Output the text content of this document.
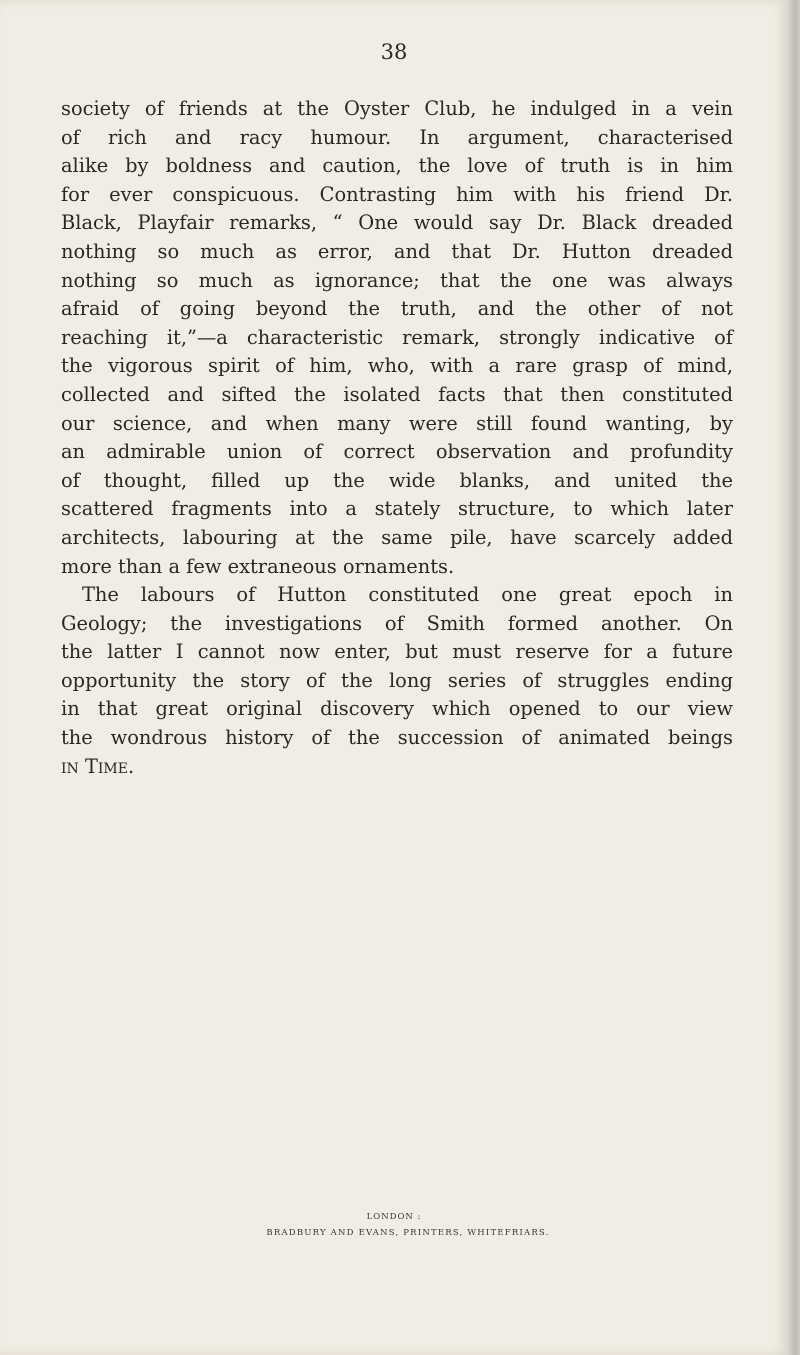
38

society of friends at the Oyster Club, he indulged in a vein
of rich and racy humour. In argument, characterised
alike by boldness and caution, the love of truth is in him
for ever conspicuous. Contrasting him with his friend Dr.
Black, Playfair remarks, “ One would say Dr. Black dreaded
nothing so much as error, and that Dr. Hutton dreaded
nothing so much as ignorance; that the one was always
afraid of going beyond the truth, and the other of not
reaching it,”—a characteristic remark, strongly indicative of
the vigorous spirit of him, who, with a rare grasp of mind,
collected and sifted the isolated facts that then constituted
our science, and when many were still found wanting, by
an admirable union of correct observation and profundity
of thought, filled up the wide blanks, and united the
scattered fragments into a stately structure, to which later
architects, labouring at the same pile, have scarcely added
more than a few extraneous ornaments.

The labours of Hutton constituted one great epoch in
Geology; the investigations of Smith formed another. On
the latter I cannot now enter, but must reserve for a future
opportunity the story of the long series of struggles ending
in that great original discovery which opened to our view
the wondrous history of the succession of animated beings
in Time.

LONDON :

BRADBURY AND EVANS, PRINTERS, WHITEFRIARS.
